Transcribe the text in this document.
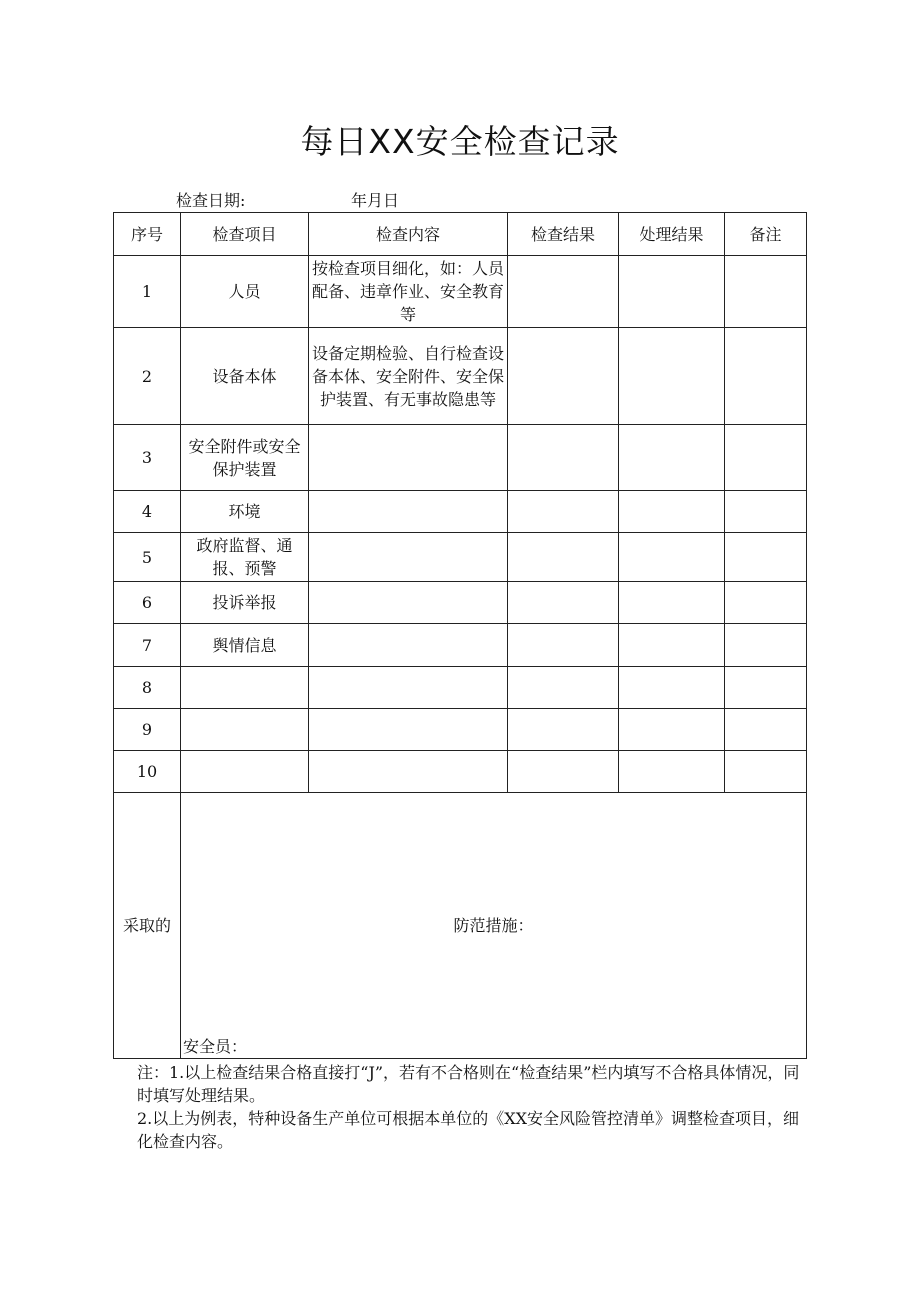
每日XX安全检查记录
检查日期:	年月日
序号	检查项目	检查内容	检查结果	处理结果	备注
1	人员	按检查项目细化，如：人员配备、违章作业、安全教育等			
2	设备本体	设备定期检验、自行检查设备本体、安全附件、安全保护装置、有无事故隐患等			
3	安全附件或安全保护装置				
4	环境				
5	政府监督、通报、预警				
6	投诉举报				
7	舆情信息				
8					
9					
10					
采取的	防范措施：
安全员：				

注：1.以上检查结果合格直接打“J”，若有不合格则在“检查结果”栏内填写不合格具体情况，同时填写处理结果。

2.以上为例表，特种设备生产单位可根据本单位的《XX安全风险管控清单》调整检查项目，细化检查内容。
